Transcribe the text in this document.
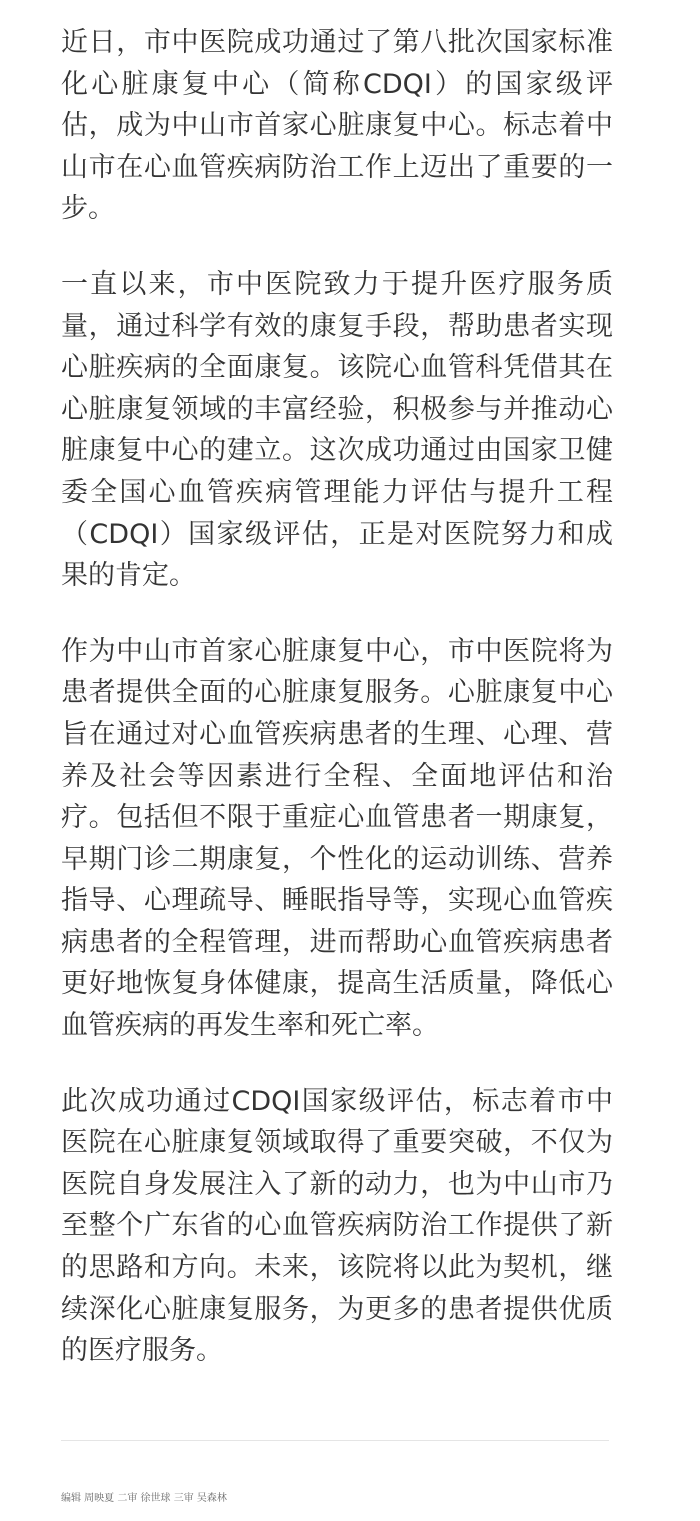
近日，市中医院成功通过了第八批次国家标准化心脏康复中心（简称CDQI）的国家级评估，成为中山市首家心脏康复中心。标志着中山市在心血管疾病防治工作上迈出了重要的一步。

一直以来，市中医院致力于提升医疗服务质量，通过科学有效的康复手段，帮助患者实现心脏疾病的全面康复。该院心血管科凭借其在心脏康复领域的丰富经验，积极参与并推动心脏康复中心的建立。这次成功通过由国家卫健委全国心血管疾病管理能力评估与提升工程（CDQI）国家级评估，正是对医院努力和成果的肯定。

作为中山市首家心脏康复中心，市中医院将为患者提供全面的心脏康复服务。心脏康复中心旨在通过对心血管疾病患者的生理、心理、营养及社会等因素进行全程、全面地评估和治疗。包括但不限于重症心血管患者一期康复，早期门诊二期康复，个性化的运动训练、营养指导、心理疏导、睡眠指导等，实现心血管疾病患者的全程管理，进而帮助心血管疾病患者更好地恢复身体健康，提高生活质量，降低心血管疾病的再发生率和死亡率。

此次成功通过CDQI国家级评估，标志着市中医院在心脏康复领域取得了重要突破，不仅为医院自身发展注入了新的动力，也为中山市乃至整个广东省的心血管疾病防治工作提供了新的思路和方向。未来，该院将以此为契机，继续深化心脏康复服务，为更多的患者提供优质的医疗服务。

编辑 周映夏 二审 徐世球 三审 吴森林
